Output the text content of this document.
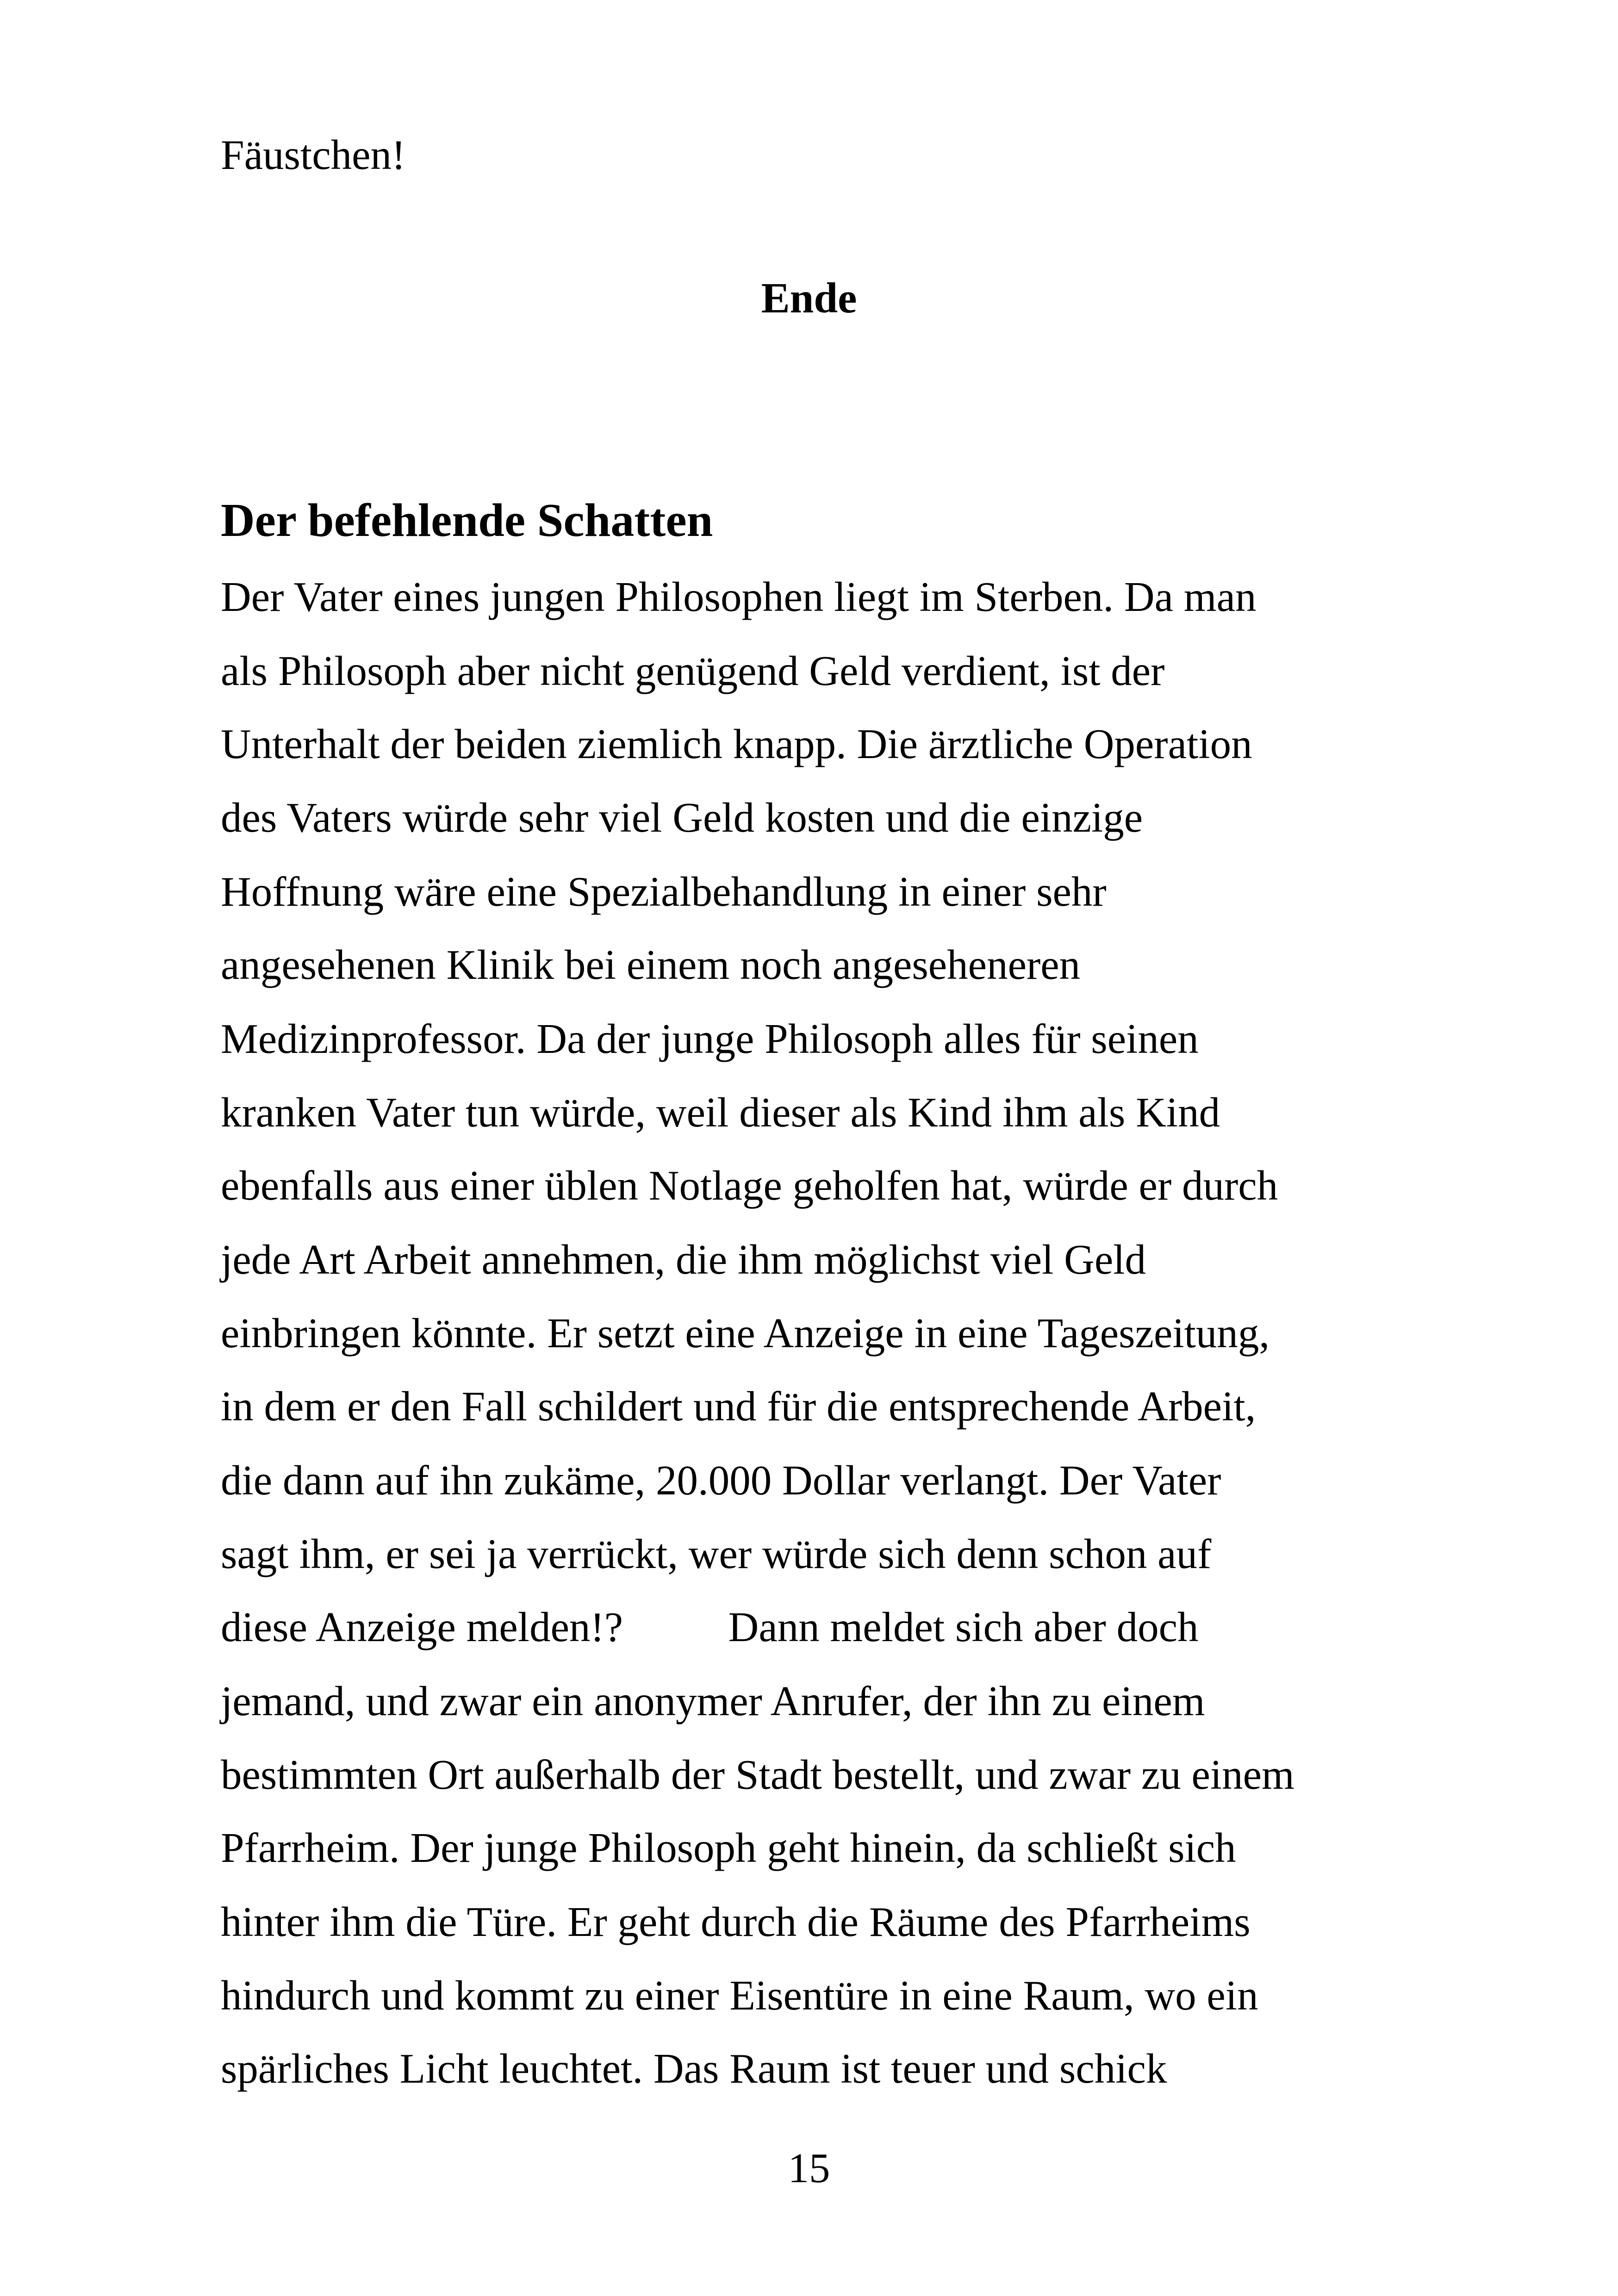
Fäustchen!

Ende
Der befehlende Schatten

Der Vater eines jungen Philosophen liegt im Sterben. Da man

als Philosoph aber nicht genügend Geld verdient, ist der

Unterhalt der beiden ziemlich knapp. Die ärztliche Operation

des Vaters würde sehr viel Geld kosten und die einzige

Hoffnung wäre eine Spezialbehandlung in einer sehr

angesehenen Klinik bei einem noch angeseheneren

Medizinprofessor. Da der junge Philosoph alles für seinen

kranken Vater tun würde, weil dieser als Kind ihm als Kind

ebenfalls aus einer üblen Notlage geholfen hat, würde er durch

jede Art Arbeit annehmen, die ihm möglichst viel Geld

einbringen könnte. Er setzt eine Anzeige in eine Tageszeitung,

in dem er den Fall schildert und für die entsprechende Arbeit,

die dann auf ihn zukäme, 20.000 Dollar verlangt. Der Vater

sagt ihm, er sei ja verrückt, wer würde sich denn schon auf

diese Anzeige melden!?          Dann meldet sich aber doch

jemand, und zwar ein anonymer Anrufer, der ihn zu einem

bestimmten Ort außerhalb der Stadt bestellt, und zwar zu einem

Pfarrheim. Der junge Philosoph geht hinein, da schließt sich

hinter ihm die Türe. Er geht durch die Räume des Pfarrheims

hindurch und kommt zu einer Eisentüre in eine Raum, wo ein

spärliches Licht leuchtet. Das Raum ist teuer und schick

15
